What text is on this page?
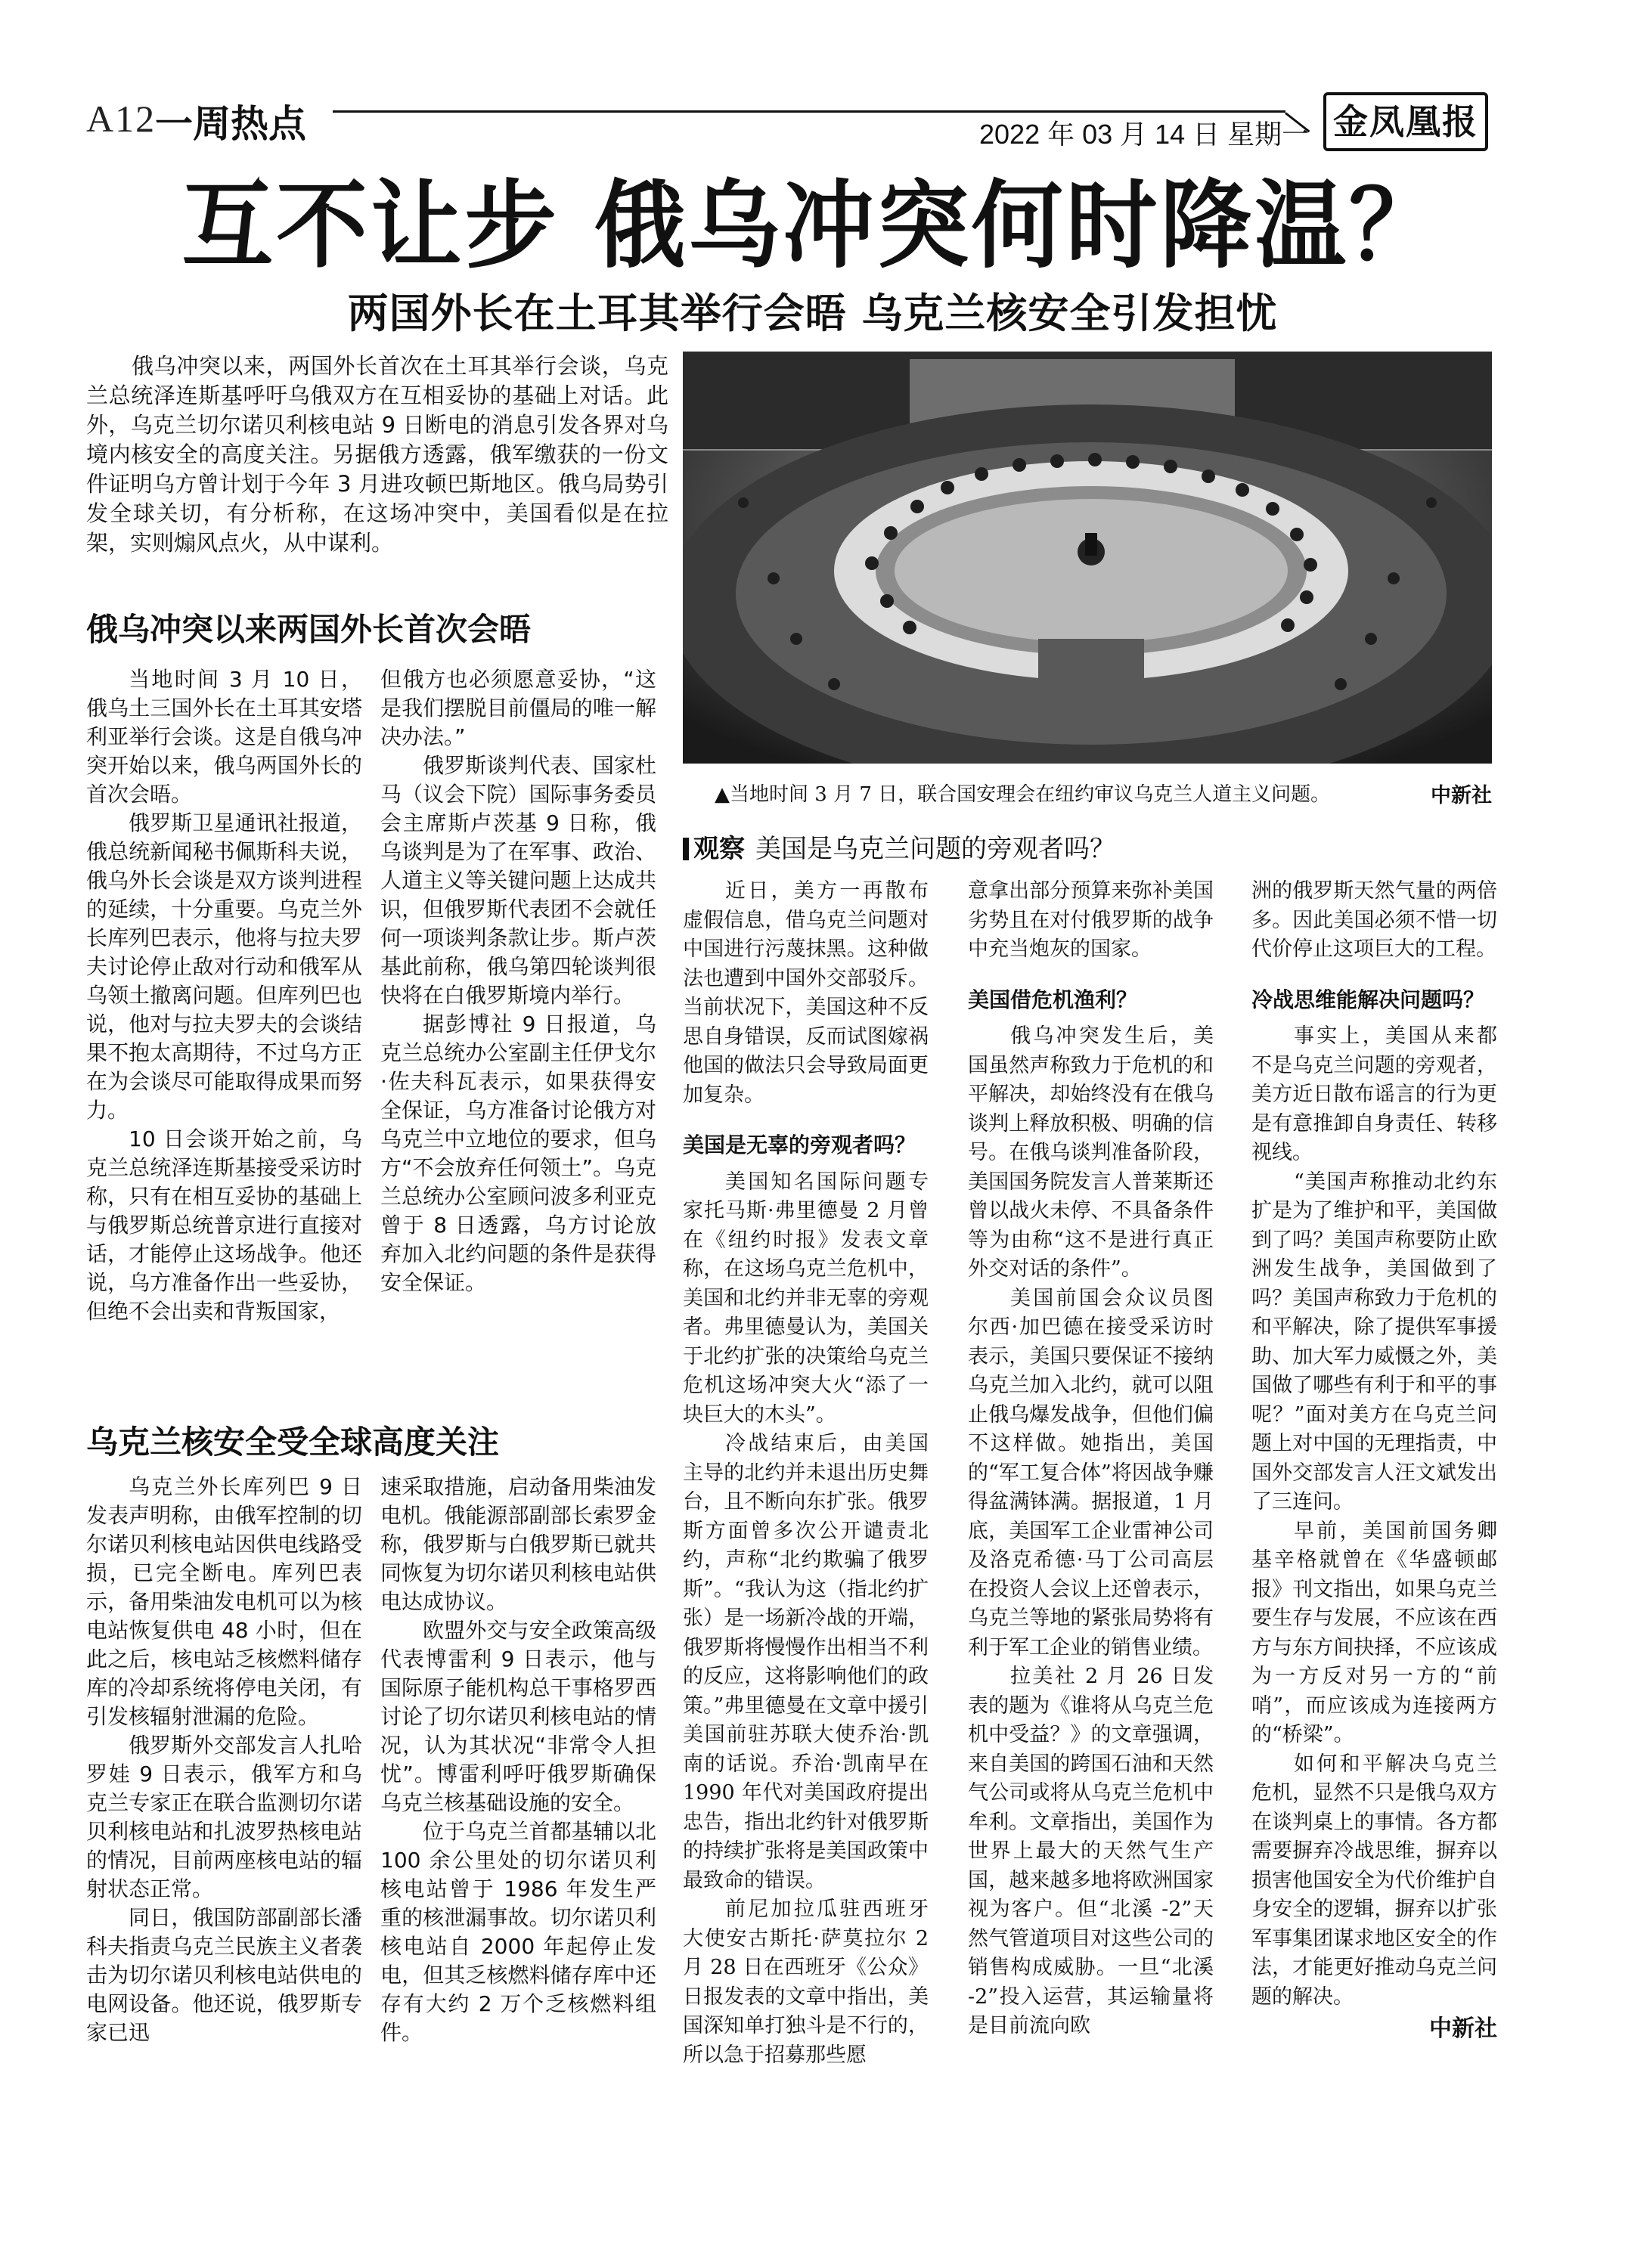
A12
一周热点	2022 年 03 月 14 日 星期一 金凤凰报
互不让步 俄乌冲突何时降温？
两国外长在土耳其举行会晤 乌克兰核安全引发担忧
俄乌冲突以来，两国外长首次在土耳其举行会谈，乌克兰总统泽连斯基呼吁乌俄双方在互相妥协的基础上对话。此外，乌克兰切尔诺贝利核电站 9 日断电的消息引发各界对乌境内核安全的高度关注。另据俄方透露，俄军缴获的一份文件证明乌方曾计划于今年 3 月进攻顿巴斯地区。俄乌局势引发全球关切，有分析称，在这场冲突中，美国看似是在拉架，实则煽风点火，从中谋利。
▲当地时间 3 月 7 日，联合国安理会在纽约审议乌克兰人道主义问题。	中新社
俄乌冲突以来两国外长首次会晤

当地时间 3 月 10 日，俄乌土三国外长在土耳其安塔利亚举行会谈。这是自俄乌冲突开始以来，俄乌两国外长的首次会晤。

俄罗斯卫星通讯社报道，俄总统新闻秘书佩斯科夫说，俄乌外长会谈是双方谈判进程的延续，十分重要。乌克兰外长库列巴表示，他将与拉夫罗夫讨论停止敌对行动和俄军从乌领土撤离问题。但库列巴也说，他对与拉夫罗夫的会谈结果不抱太高期待，不过乌方正在为会谈尽可能取得成果而努力。

10 日会谈开始之前，乌克兰总统泽连斯基接受采访时称，只有在相互妥协的基础上与俄罗斯总统普京进行直接对话，才能停止这场战争。他还说，乌方准备作出一些妥协，但绝不会出卖和背叛国家，

但俄方也必须愿意妥协，“这是我们摆脱目前僵局的唯一解决办法。”

俄罗斯谈判代表、国家杜马（议会下院）国际事务委员会主席斯卢茨基 9 日称，俄乌谈判是为了在军事、政治、人道主义等关键问题上达成共识，但俄罗斯代表团不会就任何一项谈判条款让步。斯卢茨基此前称，俄乌第四轮谈判很快将在白俄罗斯境内举行。

据彭博社 9 日报道，乌克兰总统办公室副主任伊戈尔·佐夫科瓦表示，如果获得安全保证，乌方准备讨论俄方对乌克兰中立地位的要求，但乌方“不会放弃任何领土”。乌克兰总统办公室顾问波多利亚克曾于 8 日透露，乌方讨论放弃加入北约问题的条件是获得安全保证。

乌克兰核安全受全球高度关注

乌克兰外长库列巴 9 日发表声明称，由俄军控制的切尔诺贝利核电站因供电线路受损，已完全断电。库列巴表示，备用柴油发电机可以为核电站恢复供电 48 小时，但在此之后，核电站乏核燃料储存库的冷却系统将停电关闭，有引发核辐射泄漏的危险。

俄罗斯外交部发言人扎哈罗娃 9 日表示，俄军方和乌克兰专家正在联合监测切尔诺贝利核电站和扎波罗热核电站的情况，目前两座核电站的辐射状态正常。

同日，俄国防部副部长潘科夫指责乌克兰民族主义者袭击为切尔诺贝利核电站供电的电网设备。他还说，俄罗斯专家已迅

速采取措施，启动备用柴油发电机。俄能源部副部长索罗金称，俄罗斯与白俄罗斯已就共同恢复为切尔诺贝利核电站供电达成协议。

欧盟外交与安全政策高级代表博雷利 9 日表示，他与国际原子能机构总干事格罗西讨论了切尔诺贝利核电站的情况，认为其状况“非常令人担忧”。博雷利呼吁俄罗斯确保乌克兰核基础设施的安全。

位于乌克兰首都基辅以北 100 余公里处的切尔诺贝利核电站曾于 1986 年发生严重的核泄漏事故。切尔诺贝利核电站自 2000 年起停止发电，但其乏核燃料储存库中还存有大约 2 万个乏核燃料组件。

观察 美国是乌克兰问题的旁观者吗？

近日，美方一再散布虚假信息，借乌克兰问题对中国进行污蔑抹黑。这种做法也遭到中国外交部驳斥。当前状况下，美国这种不反思自身错误，反而试图嫁祸他国的做法只会导致局面更加复杂。

美国是无辜的旁观者吗？

美国知名国际问题专家托马斯·弗里德曼 2 月曾在《纽约时报》发表文章称，在这场乌克兰危机中，美国和北约并非无辜的旁观者。弗里德曼认为，美国关于北约扩张的决策给乌克兰危机这场冲突大火“添了一块巨大的木头”。

冷战结束后，由美国主导的北约并未退出历史舞台，且不断向东扩张。俄罗斯方面曾多次公开谴责北约，声称“北约欺骗了俄罗斯”。“我认为这（指北约扩张）是一场新冷战的开端，俄罗斯将慢慢作出相当不利的反应，这将影响他们的政策。”弗里德曼在文章中援引美国前驻苏联大使乔治·凯南的话说。乔治·凯南早在 1990 年代对美国政府提出忠告，指出北约针对俄罗斯的持续扩张将是美国政策中最致命的错误。

前尼加拉瓜驻西班牙大使安古斯托·萨莫拉尔 2 月 28 日在西班牙《公众》日报发表的文章中指出，美国深知单打独斗是不行的，所以急于招募那些愿

意拿出部分预算来弥补美国劣势且在对付俄罗斯的战争中充当炮灰的国家。

美国借危机渔利？

俄乌冲突发生后，美国虽然声称致力于危机的和平解决，却始终没有在俄乌谈判上释放积极、明确的信号。在俄乌谈判准备阶段，美国国务院发言人普莱斯还曾以战火未停、不具备条件等为由称“这不是进行真正外交对话的条件”。

美国前国会众议员图尔西·加巴德在接受采访时表示，美国只要保证不接纳乌克兰加入北约，就可以阻止俄乌爆发战争，但他们偏不这样做。她指出，美国的“军工复合体”将因战争赚得盆满钵满。据报道，1 月底，美国军工企业雷神公司及洛克希德·马丁公司高层在投资人会议上还曾表示，乌克兰等地的紧张局势将有利于军工企业的销售业绩。

拉美社 2 月 26 日发表的题为《谁将从乌克兰危机中受益？》的文章强调，来自美国的跨国石油和天然气公司或将从乌克兰危机中牟利。文章指出，美国作为世界上最大的天然气生产国，越来越多地将欧洲国家视为客户。但“北溪 -2”天然气管道项目对这些公司的销售构成威胁。一旦“北溪 -2”投入运营，其运输量将是目前流向欧

洲的俄罗斯天然气量的两倍多。因此美国必须不惜一切代价停止这项巨大的工程。

冷战思维能解决问题吗？

事实上，美国从来都不是乌克兰问题的旁观者，美方近日散布谣言的行为更是有意推卸自身责任、转移视线。

“美国声称推动北约东扩是为了维护和平，美国做到了吗？美国声称要防止欧洲发生战争，美国做到了吗？美国声称致力于危机的和平解决，除了提供军事援助、加大军力威慑之外，美国做了哪些有利于和平的事呢？”面对美方在乌克兰问题上对中国的无理指责，中国外交部发言人汪文斌发出了三连问。

早前，美国前国务卿基辛格就曾在《华盛顿邮报》刊文指出，如果乌克兰要生存与发展，不应该在西方与东方间抉择，不应该成为一方反对另一方的“前哨”，而应该成为连接两方的“桥梁”。

如何和平解决乌克兰危机，显然不只是俄乌双方在谈判桌上的事情。各方都需要摒弃冷战思维，摒弃以损害他国安全为代价维护自身安全的逻辑，摒弃以扩张军事集团谋求地区安全的作法，才能更好推动乌克兰问题的解决。

中新社
